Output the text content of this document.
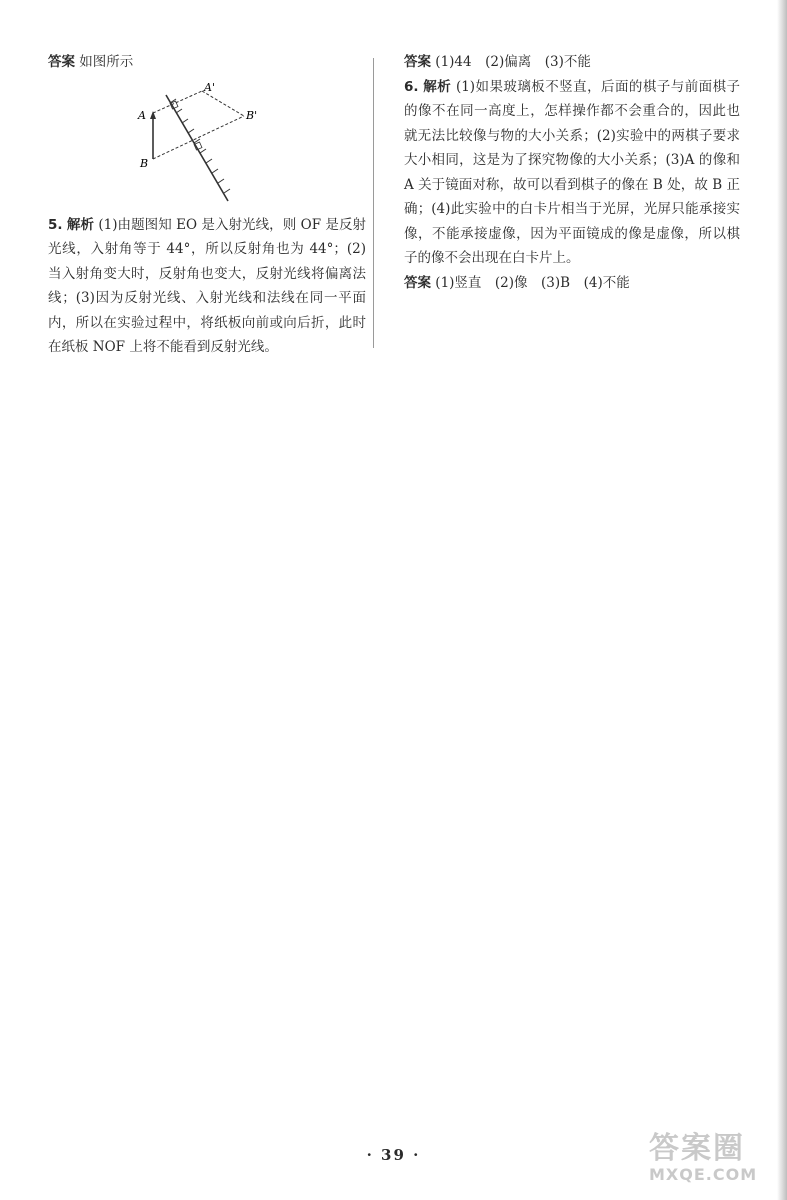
答案 如图所示

A'
A	B'
B

5. 解析 (1)由题图知 EO 是入射光线，则 OF 是反射光线，入射角等于 44°，所以反射角也为 44°；(2)当入射角变大时，反射角也变大，反射光线将偏离法线；(3)因为反射光线、入射光线和法线在同一平面内，所以在实验过程中，将纸板向前或向后折，此时在纸板 NOF 上将不能看到反射光线。

答案 (1)44　(2)偏离　(3)不能

6. 解析 (1)如果玻璃板不竖直，后面的棋子与前面棋子的像不在同一高度上，怎样操作都不会重合的，因此也就无法比较像与物的大小关系；(2)实验中的两棋子要求大小相同，这是为了探究物像的大小关系；(3)A 的像和 A 关于镜面对称，故可以看到棋子的像在 B 处，故 B 正确；(4)此实验中的白卡片相当于光屏，光屏只能承接实像，不能承接虚像，因为平面镜成的像是虚像，所以棋子的像不会出现在白卡片上。

答案 (1)竖直　(2)像　(3)B　(4)不能

· 39 ·	答案圈
MXQE.COM
